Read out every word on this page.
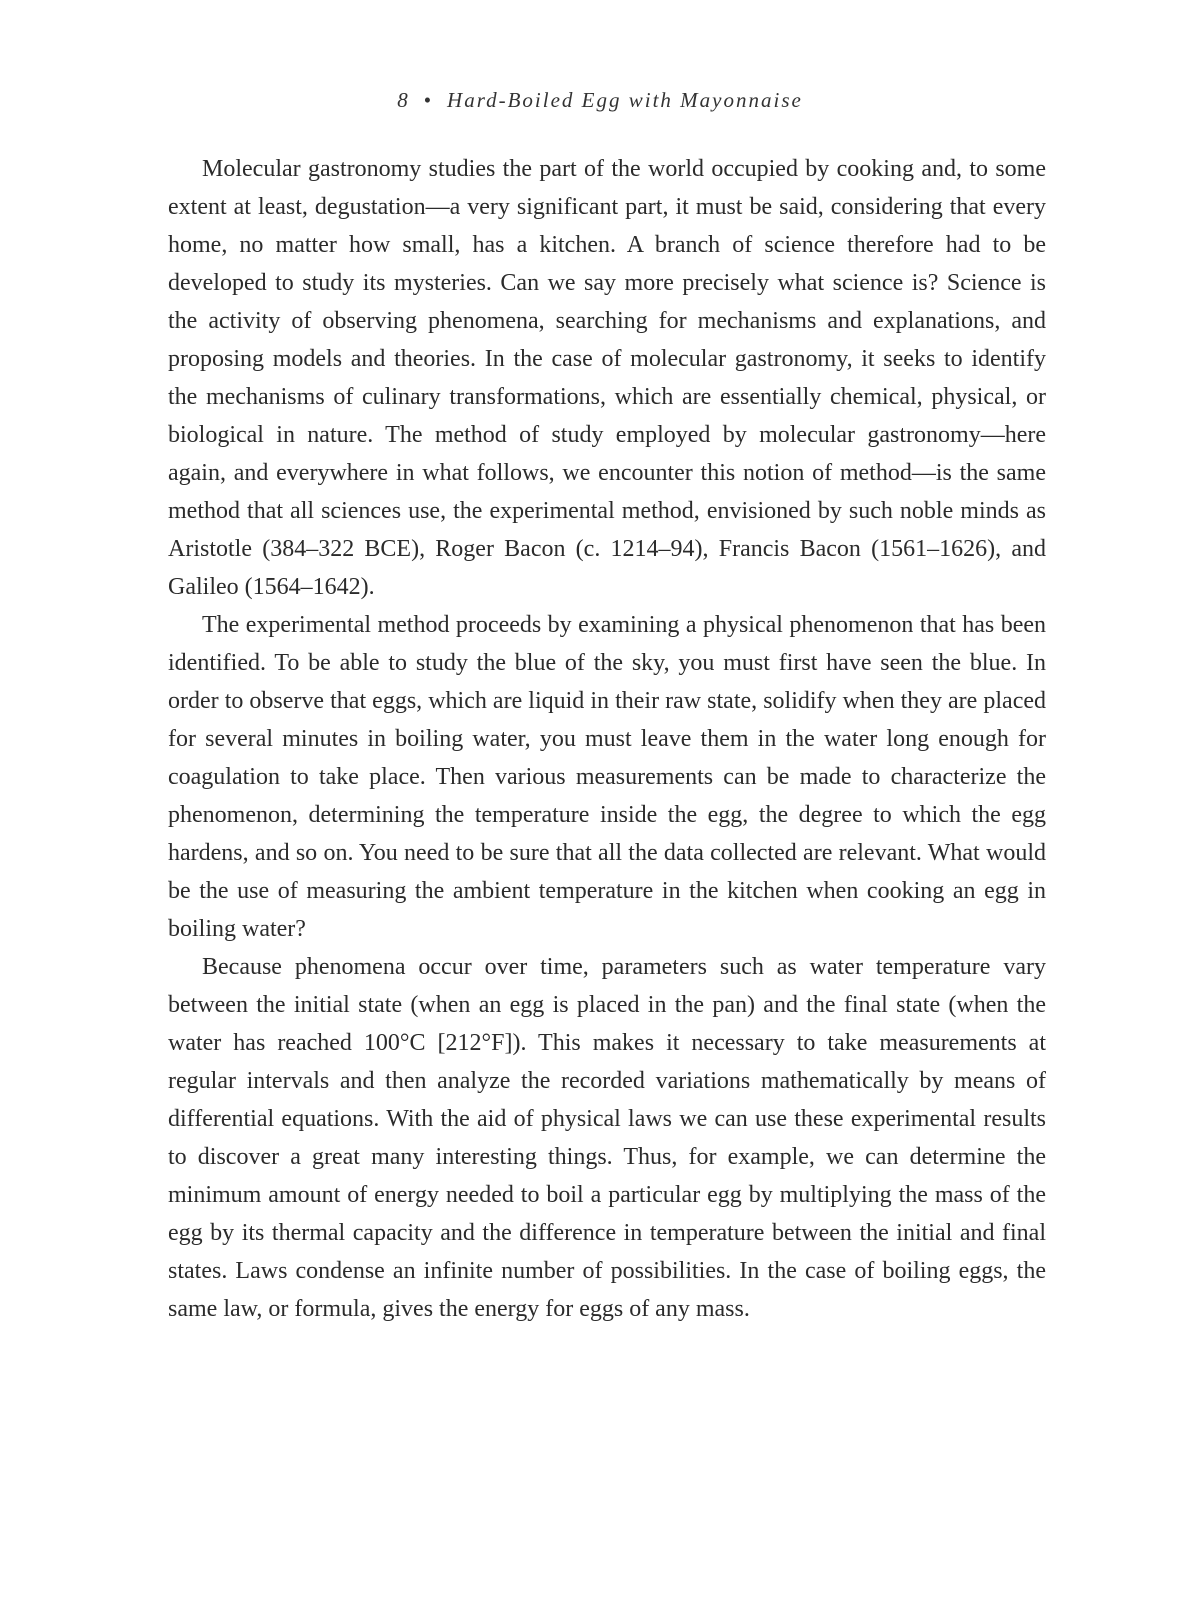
8 • Hard-Boiled Egg with Mayonnaise

Molecular gastronomy studies the part of the world occupied by cooking and, to some extent at least, degustation—a very significant part, it must be said, considering that every home, no matter how small, has a kitchen. A branch of science therefore had to be developed to study its mysteries. Can we say more precisely what science is? Science is the activity of observing phenomena, searching for mechanisms and explanations, and proposing models and theories. In the case of molecular gastronomy, it seeks to identify the mechanisms of culinary transformations, which are essentially chemical, physical, or biological in nature. The method of study employed by molecular gastronomy—here again, and everywhere in what follows, we encounter this notion of method—is the same method that all sciences use, the experimental method, envisioned by such noble minds as Aristotle (384–322 BCE), Roger Bacon (c. 1214–94), Francis Bacon (1561–1626), and Galileo (1564–1642).

The experimental method proceeds by examining a physical phenomenon that has been identified. To be able to study the blue of the sky, you must first have seen the blue. In order to observe that eggs, which are liquid in their raw state, solidify when they are placed for several minutes in boiling water, you must leave them in the water long enough for coagulation to take place. Then various measurements can be made to characterize the phenomenon, determining the temperature inside the egg, the degree to which the egg hardens, and so on. You need to be sure that all the data collected are relevant. What would be the use of measuring the ambient temperature in the kitchen when cooking an egg in boiling water?

Because phenomena occur over time, parameters such as water temperature vary between the initial state (when an egg is placed in the pan) and the final state (when the water has reached 100°C [212°F]). This makes it necessary to take measurements at regular intervals and then analyze the recorded variations mathematically by means of differential equations. With the aid of physical laws we can use these experimental results to discover a great many interesting things. Thus, for example, we can determine the minimum amount of energy needed to boil a particular egg by multiplying the mass of the egg by its thermal capacity and the difference in temperature between the initial and final states. Laws condense an infinite number of possibilities. In the case of boiling eggs, the same law, or formula, gives the energy for eggs of any mass.
